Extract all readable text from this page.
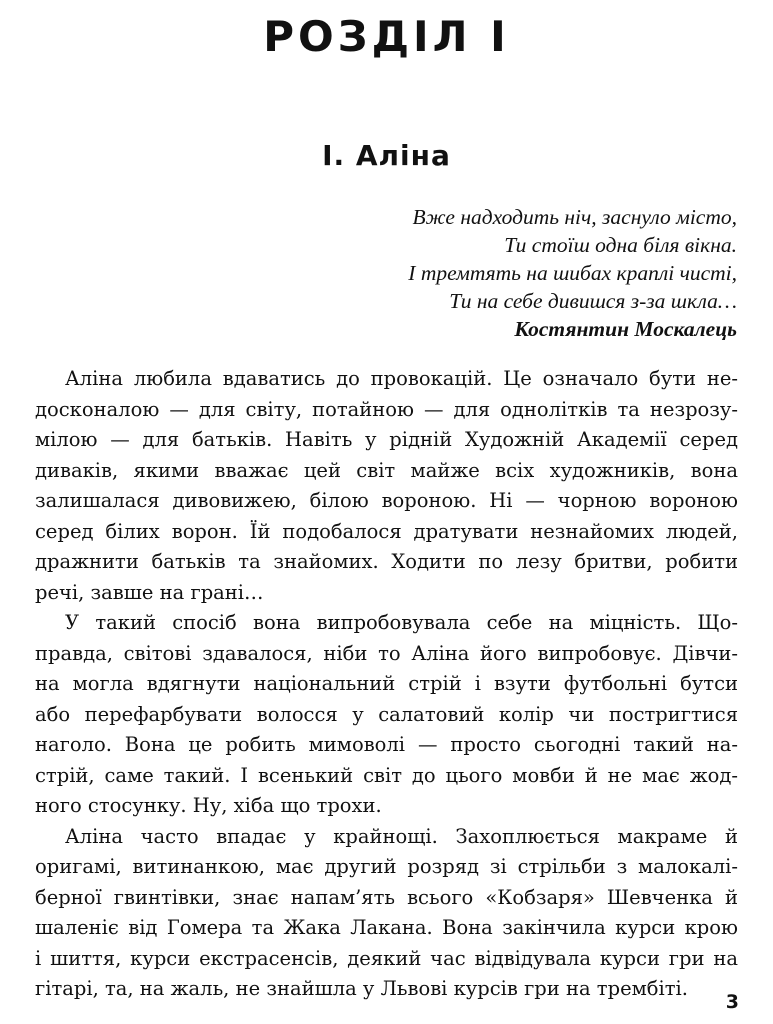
РОЗДІЛ I
I. Аліна
Вже надходить ніч, заснуло місто,
Ти стоїш одна біля вікна.
І тремтять на шибах краплі чисті,
Ти на себе дивишся з-за шкла…
Костянтин Москалець
Аліна любила вдаватись до провокацій. Це означало бути не-
досконалою — для світу, потайною — для однолітків та незрозу-
мілою — для батьків. Навіть у рідній Художній Академії серед
диваків, якими вважає цей світ майже всіх художників, вона
залишалася дивовижею, білою вороною. Ні — чорною вороною
серед білих ворон. Їй подобалося дратувати незнайомих людей,
дражнити батьків та знайомих. Ходити по лезу бритви, робити
речі, завше на грані…
У такий спосіб вона випробовувала себе на міцність. Що-
правда, світові здавалося, ніби то Аліна його випробовує. Дівчи-
на могла вдягнути національний стрій і взути футбольні бутси
або перефарбувати волосся у салатовий колір чи постригтися
наголо. Вона це робить мимоволі — просто сьогодні такий на-
стрій, саме такий. І всенький світ до цього мовби й не має жод-
ного стосунку. Ну, хіба що трохи.
Аліна часто впадає у крайнощі. Захоплюється макраме й
оригамі, витинанкою, має другий розряд зі стрільби з малокалі-
берної гвинтівки, знає напам’ять всього «Кобзаря» Шевченка й
шаленіє від Гомера та Жака Лакана. Вона закінчила курси крою
і шиття, курси екстрасенсів, деякий час відвідувала курси гри на
гітарі, та, на жаль, не знайшла у Львові курсів гри на трембіті.
3
